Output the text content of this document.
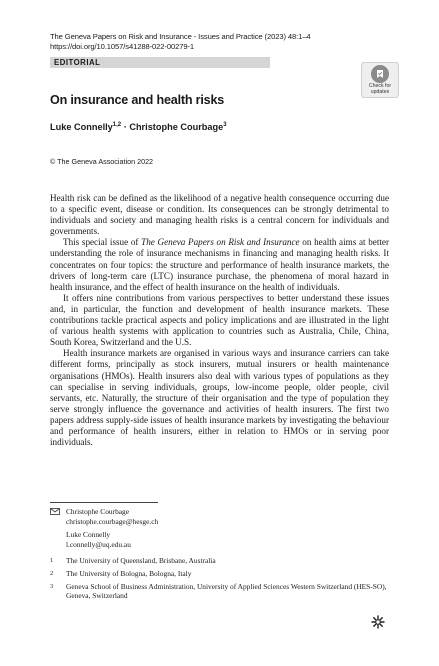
The Geneva Papers on Risk and Insurance - Issues and Practice (2023) 48:1–4
https://doi.org/10.1057/s41288-022-00279-1
EDITORIAL
Check for
updates
On insurance and health risks
Luke Connelly$^{1,2}$ · Christophe Courbage$^3$
© The Geneva Association 2022

Health risk can be defined as the likelihood of a negative health consequence occurring due to a specific event, disease or condition. Its consequences can be strongly detrimental to individuals and society and managing health risks is a central concern for individuals and governments.

This special issue of The Geneva Papers on Risk and Insurance on health aims at better understanding the role of insurance mechanisms in financing and managing health risks. It concentrates on four topics: the structure and performance of health insurance markets, the drivers of long-term care (LTC) insurance purchase, the phenomena of moral hazard in health insurance, and the effect of health insurance on the health of individuals.

It offers nine contributions from various perspectives to better understand these issues and, in particular, the function and development of health insurance markets. These contributions tackle practical aspects and policy implications and are illustrated in the light of various health systems with application to countries such as Australia, Chile, China, South Korea, Switzerland and the U.S.

Health insurance markets are organised in various ways and insurance carriers can take different forms, principally as stock insurers, mutual insurers or health maintenance organisations (HMOs). Health insurers also deal with various types of populations as they can specialise in serving individuals, groups, low-income people, older people, civil servants, etc. Naturally, the structure of their organisation and the type of population they serve strongly influence the governance and activities of health insurers. The first two papers address supply-side issues of health insurance markets by investigating the behaviour and performance of health insurers, either in relation to HMOs or in serving poor individuals.

Christophe Courbage
christophe.courbage@hesge.ch
Luke Connelly
l.connelly@uq.edu.au
1 The University of Queensland, Brisbane, Australia
2 The University of Bologna, Bologna, Italy
3 Geneva School of Business Administration, University of Applied Sciences Western Switzerland (HES-SO), Geneva, Switzerland
